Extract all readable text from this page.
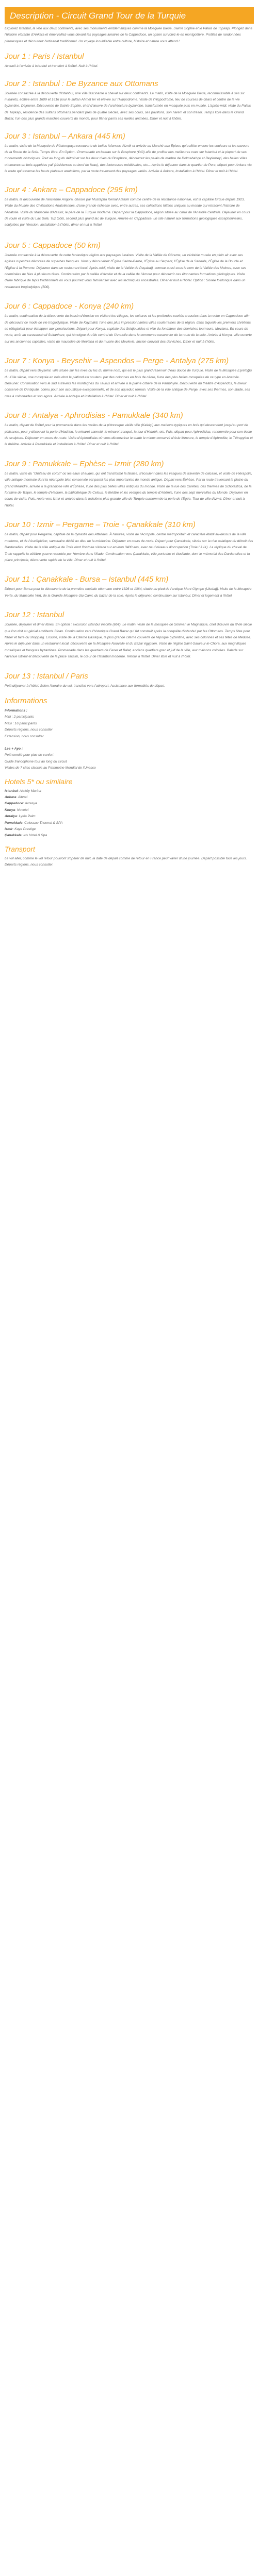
Description - Circuit Grand Tour de la Turquie

Explorez Istanbul, la ville aux deux continents, avec ses monuments emblématiques comme la Mosquée Bleue, Sainte Sophie et le Palais de Topkapi. Plongez dans l'histoire vibrante d'Ankara et émerveillez-vous devant les paysages lunaires de la Cappadoce, un option survolez-le en montgolfière. Profitez de randonnées pittoresques et découvrez l'artisanat traditionnel. Un voyage inoubliable entre culture, histoire et nature vous attend !

Jour 1 : Paris / Istanbul

Accueil à l'arrivée à Istanbul et transfert à l'hôtel. Nuit à l'hôtel.

Jour 2 : Istanbul : De Byzance aux Ottomans

Journée consacrée à la découverte d'Istanbul, une ville fascinante à cheval sur deux continents. Le matin, visite de la Mosquée Bleue, reconnaissable à ses six minarets, édifiée entre 1609 et 1616 pour le sultan Ahmet Ier et élevée sur l'Hippodrome. Visite de l'Hippodrome, lieu de courses de chars et centre de la vie byzantine. Déjeuner. Découverte de Sainte Sophie, chef-d'œuvre de l'architecture byzantine, transformée en mosquée puis en musée. L'après-midi, visite du Palais de Topkapi, résidence des sultans ottomans pendant près de quatre siècles, avec ses cours, ses pavillons, son harem et son trésor. Temps libre dans le Grand Bazar, l'un des plus grands marchés couverts du monde, pour flâner parmi ses ruelles animées. Dîner et nuit à l'hôtel.

Jour 3 : Istanbul – Ankara (445 km)

Le matin, visite de la Mosquée de Rüstempaşa recouverte de belles faïences d'Iznik et arrivée au Marché aux Épices qui reflète encore les couleurs et les saveurs de la Route de la Soie. Temps libre. En Option : Promenade en bateau sur le Bosphore (€40) afin de profiter des meilleures vues sur Istanbul et la plupart de ses monuments historiques. Tout au long du détroit et sur les deux rives du Bosphore, découvrez les palais de marbre de Dolmabahçe et Beylerbeyi, des belles villas ottomanes en bois appelées yali (résidences au bord de l'eau), des forteresses médiévales, etc... Après le déjeuner dans le quartier de Pera, départ pour Ankara via la route qui traverse les hauts plateaux anatoliens, par la route traversant des paysages variés. Arrivée à Ankara, installation à l'hôtel. Dîner et nuit à l'hôtel.

Jour 4 : Ankara – Cappadoce (295 km)

Le matin, la découverte de l'ancienne Angora, choisie par Mustapha Kemal Atatürk comme centre de la résistance nationale, est la capitale turque depuis 1923. Visite du Musée des Civilisations Anatoliennes, d'une grande richesse avec, entre autres, ses collections hittites uniques au monde qui retracent l'histoire de l'Anatolie. Visite du Mausolée d'Atatürk, le père de la Turquie moderne. Départ pour la Cappadoce, région située au cœur de l'Anatolie Centrale. Déjeuner en cours de route et visite du Lac Salé, Tuz Gölü, second plus grand lac de Turquie. Arrivée en Cappadoce, un site naturel aux formations géologiques exceptionnelles, sculptées par l'érosion. Installation à l'hôtel, dîner et nuit à l'hôtel.

Jour 5 : Cappadoce (50 km)

Journée consacrée à la découverte de cette fantastique région aux paysages lunaires. Visite de la Vallée de Göreme, un véritable musée en plein air avec ses églises rupestres décorées de superbes fresques. Vous y découvrirez l'Église Sainte-Barbe, l'Église au Serpent, l'Église de la Sandale, l'Église de la Boucle et l'Église à la Pomme. Déjeuner dans un restaurant local. Après-midi, visite de la Vallée de Paşabağ, connue aussi sous le nom de la Vallée des Moines, avec ses cheminées de fées à plusieurs têtes. Continuation par la vallée d'Avcılar et de la vallée de l'Amour pour découvrir ces étonnantes formations géologiques. Visite d'une fabrique de tapis traditionnels où vous pourrez vous familiariser avec les techniques ancestrales. Dîner et nuit à l'hôtel. Option : Soirée folklorique dans un restaurant troglodytique (50€).

Jour 6 : Cappadoce - Konya (240 km)

Le matin, continuation de la découverte du bassin d'érosion en visitant les villages, les cultures et les profondes cavités creusées dans la roche en Cappadoce afin de découvrir ce mode de vie troglodytique. Visite de Kaymakli, l'une des plus impressionnantes villes souterraines de la région, dans laquelle les premiers chrétiens se réfugiaient pour échapper aux persécutions. Départ pour Konya, capitale des Seldjoukides et ville du fondateur des derviches tourneurs, Mevlana. En cours de route, arrêt au caravansérail Sultanhanı, qui témoigne du rôle central de l'Anatolie dans le commerce caravanier de la route de la soie. Arrivée à Konya, ville ouverte sur les anciennes capitales, visite du mausolée de Mevlana et du musée des Mevlevis, ancien couvent des derviches. Dîner et nuit à l'hôtel.

Jour 7 : Konya - Beysehir – Aspendos – Perge - Antalya (275 km)

Le matin, départ vers Beysehir, ville située sur les rives du lac du même nom, qui est le plus grand réservoir d'eau douce de Turquie. Visite de la Mosquée Eşrefoğlu du XIIIe siècle, une mosquée en bois dont le plafond est soutenu par des colonnes en bois de cèdre, l'une des plus belles mosquées de ce type en Anatolie. Déjeuner. Continuation vers le sud à travers les montagnes du Taurus et arrivée à la plaine côtière de la Pamphylie. Découverte du théâtre d'Aspendos, le mieux conservé de l'Antiquité, connu pour son acoustique exceptionnelle, et de son aqueduc romain. Visite de la ville antique de Perge, avec ses thermes, son stade, ses rues à colonnades et son agora. Arrivée à Antalya et installation à l'hôtel. Dîner et nuit à l'hôtel.

Jour 8 : Antalya - Aphrodisias - Pamukkale (340 km)

Le matin, départ de l'hôtel pour la promenade dans les ruelles de la pittoresque vieille ville (Kaleiçi) aux maisons typiques en bois qui descendent jusqu'au port de plaisance, pour y découvrir la porte d'Hadrien, le minaret cannelé, le minaret tronqué, la tour d'Hıdırlık, etc. Puis, départ pour Aphrodisias, renommée pour son école de sculpture. Déjeuner en cours de route. Visite d'Aphrodisias où vous découvrirez le stade le mieux conservé d'Asie Mineure, le temple d'Aphrodite, le Tétrapylon et le théâtre. Arrivée à Pamukkale et installation à l'hôtel. Dîner et nuit à l'hôtel.

Jour 9 : Pamukkale – Ephèse – Izmir (280 km)

Le matin, visite du "château de coton" où les eaux chaudes, qui ont transformé la falaise, s'écoulent dans les vasques de travertin de calcaire, et visite de Hiérapolis, ville antique thermale dont la nécropole bien conservée est parmi les plus importantes du monde antique. Départ vers Éphèse. Par la route traversant la plaine du grand Méandre, arrivée à la grandiose ville d'Éphèse, l'une des plus belles villes antiques du monde. Visite de la rue des Curètes, des thermes de Scholastica, de la fontaine de Trajan, le temple d'Hadrien, la bibliothèque de Celsus, le théâtre et les vestiges du temple d'Artémis, l'une des sept merveilles du Monde. Déjeuner en cours de visite. Puis, route vers Izmir et arrivée dans la troisième plus grande ville de Turquie surnommée la perle de l'Égée. Tour de ville d'Izmir. Dîner et nuit à l'hôtel.

Jour 10 : Izmir – Pergame – Troie - Çanakkale (310 km)

Le matin, départ pour Pergame, capitale de la dynastie des Attalides. À l'arrivée, visite de l'Acropole, centre métropolitain et caractère établi au-dessus de la ville moderne, et de l'Asclépiéion, sanctuaire dédié au dieu de la médecine. Déjeuner en cours de route. Départ pour Çanakkale, située sur la rive asiatique du détroit des Dardanelles. Visite de la ville antique de Troie dont l'histoire s'étend sur environ 3400 ans, avec neuf niveaux d'occupation (Troie I à IX). La réplique du cheval de Troie rappelle la célèbre guerre racontée par Homère dans l'Iliade. Continuation vers Çanakkale, ville portuaire et étudiante, dont le mémorial des Dardanelles et la place principale, découverte rapide de la ville. Dîner et nuit à l'hôtel.

Jour 11 : Çanakkale - Bursa – Istanbul (445 km)

Départ pour Bursa pour la découverte de la première capitale ottomane entre 1326 et 1364, située au pied de l'antique Mont Olympe (Uludağ). Visite de la Mosquée Verte, du Mausolée Vert, de la Grande Mosquée Ulu Cami, du bazar de la soie. Après le déjeuner, continuation sur Istanbul. Dîner et logement à l'hôtel.

Jour 12 : Istanbul

Journée, déjeuner et dîner libres. En option : excursion Istanbul insolite (65€). Le matin, visite de la mosquée de Soliman le Magnifique, chef d'œuvre du XVIe siècle que l'on doit au génial architecte Sinan. Continuation vers l'historique Grand Bazar qui fut construit après la conquête d'Istanbul par les Ottomans. Temps libre pour flâner et faire du shopping. Ensuite, visite de la Citerne Basilique, la plus grande citerne couverte de l'époque byzantine, avec ses colonnes et ses têtes de Méduse. Après le déjeuner dans un restaurant local, découverte de la Mosquée Nouvelle et du Bazar égyptien. Visite de l'église Saint-Sauveur-in-Chora, aux magnifiques mosaïques et fresques byzantines. Promenade dans les quartiers de Fener et Balat, anciens quartiers grec et juif de la ville, aux maisons colorées. Balade sur l'avenue Istiklal et découverte de la place Taksim, le cœur de l'Istanbul moderne. Retour à l'hôtel. Dîner libre et nuit à l'hôtel.

Jour 13 : Istanbul / Paris

Petit déjeuner à l'hôtel. Selon l'horaire du vol, transfert vers l'aéroport. Assistance aux formalités de départ.

Informations
Informations :
Mini : 2 participants
Maxi : 16 participants
Départs régions, nous consulter
Extension, nous consulter
Les + Ayo :
Petit comité pour plus de confort
Guide francophone tout au long du circuit
Visites de 7 sites classés au Patrimoine Mondial de l'Unesco
Hotels 5* ou similaire
Istanbul: Ataköy Marina
Ankara: Altınel
Cappadoce: Avrasya
Konya: Novotel
Antalya: Lykia Palm
Pamukkale: Colossae Thermal & SPA
Izmir: Kaya Prestige
Çanakkale: Iris Hotel & Spa
Transport

Le vol aller, comme le vol retour pourront s'opérer de nuit, la date de départ comme de retour en France peut varier d'une journée. Départ possible tous les jours. Départs régions, nous consulter.
